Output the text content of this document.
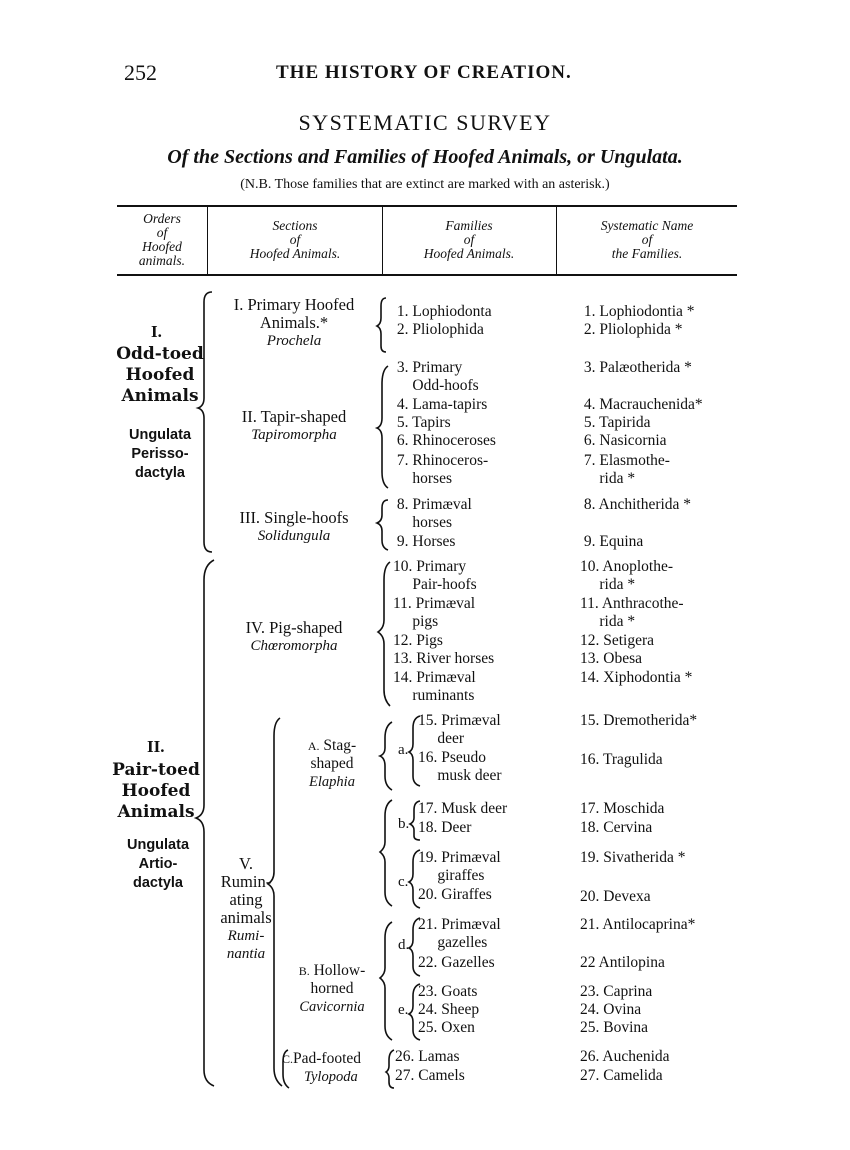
252	THE HISTORY OF CREATION.
SYSTEMATIC SURVEY
Of the Sections and Families of Hoofed Animals, or Ungulata.
(N.B. Those families that are extinct are marked with an asterisk.)
Orders
of
Hoofed
animals.
Sections
of
Hoofed Animals.
Families
of
Hoofed Animals.
Systematic Name
of
the Families.
I.
Odd-toed
Hoofed
Animals
Ungulata
Perisso-
dactyla
II.
Pair-toed
Hoofed
Animals
Ungulata
Artio-
dactyla
I. Primary Hoofed
Animals.*
Prochela
II. Tapir-shaped
Tapiromorpha
III. Single-hoofs
Solidungula
IV. Pig-shaped
Chœromorpha
V.
Rumin-
ating
animals
Rumi-
nantia
A. Stag-
shaped
Elaphia
B. Hollow-
horned
Cavicornia
C.Pad-footed
Tylopoda
a.
b.
c.
d.
e.
1. Lophiodonta
2. Pliolophida
3. Primary
Odd-hoofs
4. Lama-tapirs
5. Tapirs
6. Rhinoceroses
7. Rhinoceros-
horses
8. Primæval
horses
9. Horses
10. Primary
Pair-hoofs
11. Primæval
pigs
12. Pigs
13. River horses
14. Primæval
ruminants
15. Primæval
deer
16. Pseudo
musk deer
17. Musk deer
18. Deer
19. Primæval
giraffes
20. Giraffes
21. Primæval
gazelles
22. Gazelles
23. Goats
24. Sheep
25. Oxen
26. Lamas
27. Camels
1. Lophiodontia *
2. Pliolophida *
3. Palæotherida *
4. Macrauchenida*
5. Tapirida
6. Nasicornia
7. Elasmothe-
rida *
8. Anchitherida *
9. Equina
10. Anoplothe-
rida *
11. Anthracothe-
rida *
12. Setigera
13. Obesa
14. Xiphodontia *
15. Dremotherida*
16. Tragulida
17. Moschida
18. Cervina
19. Sivatherida *
20. Devexa
21. Antilocaprina*
22 Antilopina
23. Caprina
24. Ovina
25. Bovina
26. Auchenida
27. Camelida
